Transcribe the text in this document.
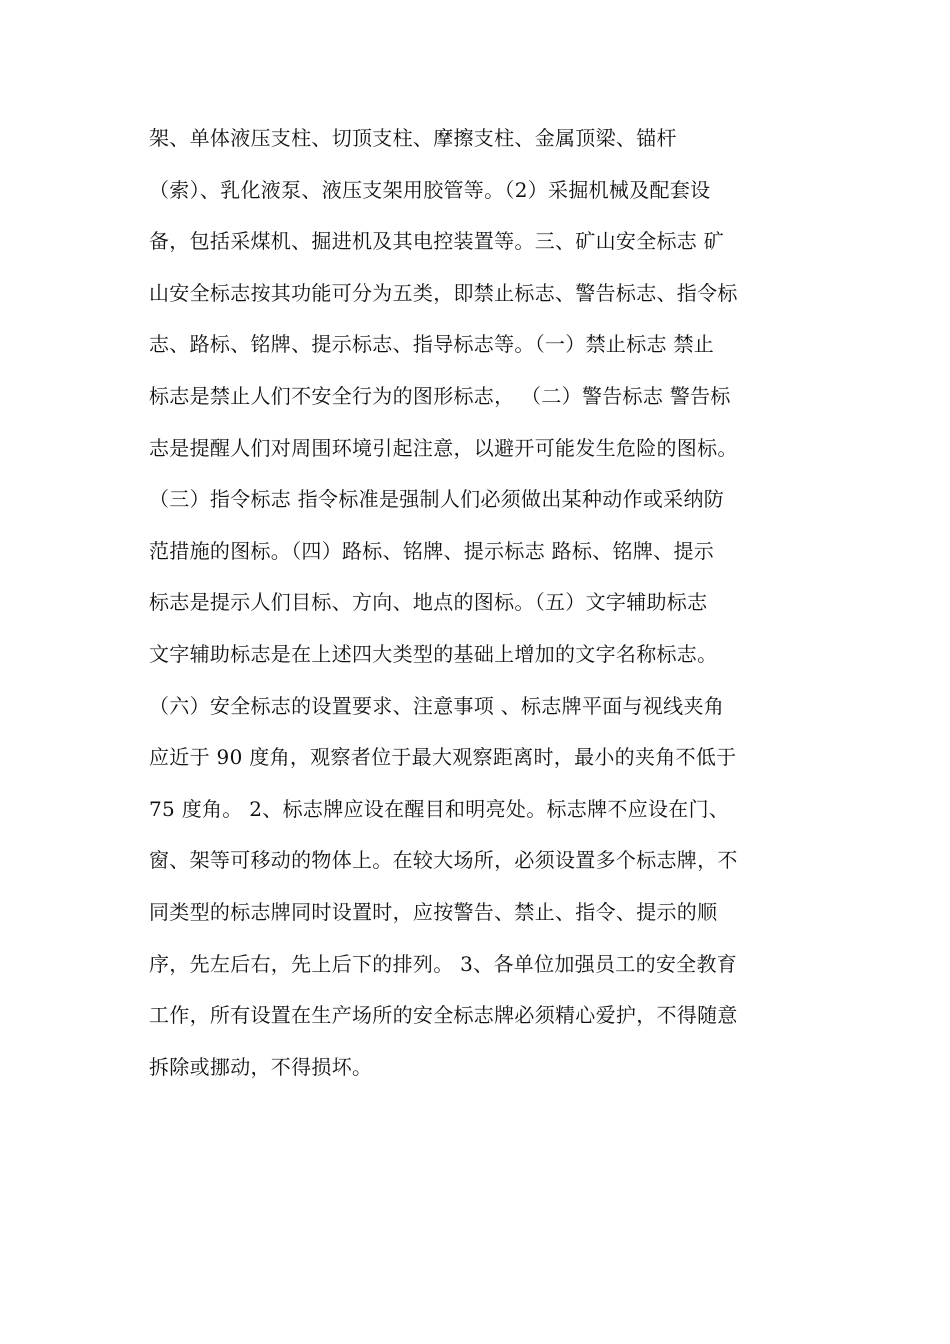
架、单体液压支柱、切顶支柱、摩擦支柱、金属顶梁、锚杆
（索）、乳化液泵、液压支架用胶管等。（2）采掘机械及配套设
备，包括采煤机、掘进机及其电控装置等。三、矿山安全标志 矿
山安全标志按其功能可分为五类，即禁止标志、警告标志、指令标
志、路标、铭牌、提示标志、指导标志等。（一）禁止标志 禁止
标志是禁止人们不安全行为的图形标志， （二）警告标志 警告标
志是提醒人们对周围环境引起注意，以避开可能发生危险的图标。
（三）指令标志 指令标准是强制人们必须做出某种动作或采纳防
范措施的图标。（四）路标、铭牌、提示标志 路标、铭牌、提示
标志是提示人们目标、方向、地点的图标。（五）文字辅助标志
文字辅助标志是在上述四大类型的基础上增加的文字名称标志。
（六）安全标志的设置要求、注意事项 、标志牌平面与视线夹角
应近于 90 度角，观察者位于最大观察距离时，最小的夹角不低于
75 度角。 2、标志牌应设在醒目和明亮处。标志牌不应设在门、
窗、架等可移动的物体上。在较大场所，必须设置多个标志牌，不
同类型的标志牌同时设置时，应按警告、禁止、指令、提示的顺
序，先左后右，先上后下的排列。 3、各单位加强员工的安全教育
工作，所有设置在生产场所的安全标志牌必须精心爱护，不得随意
拆除或挪动，不得损坏。
